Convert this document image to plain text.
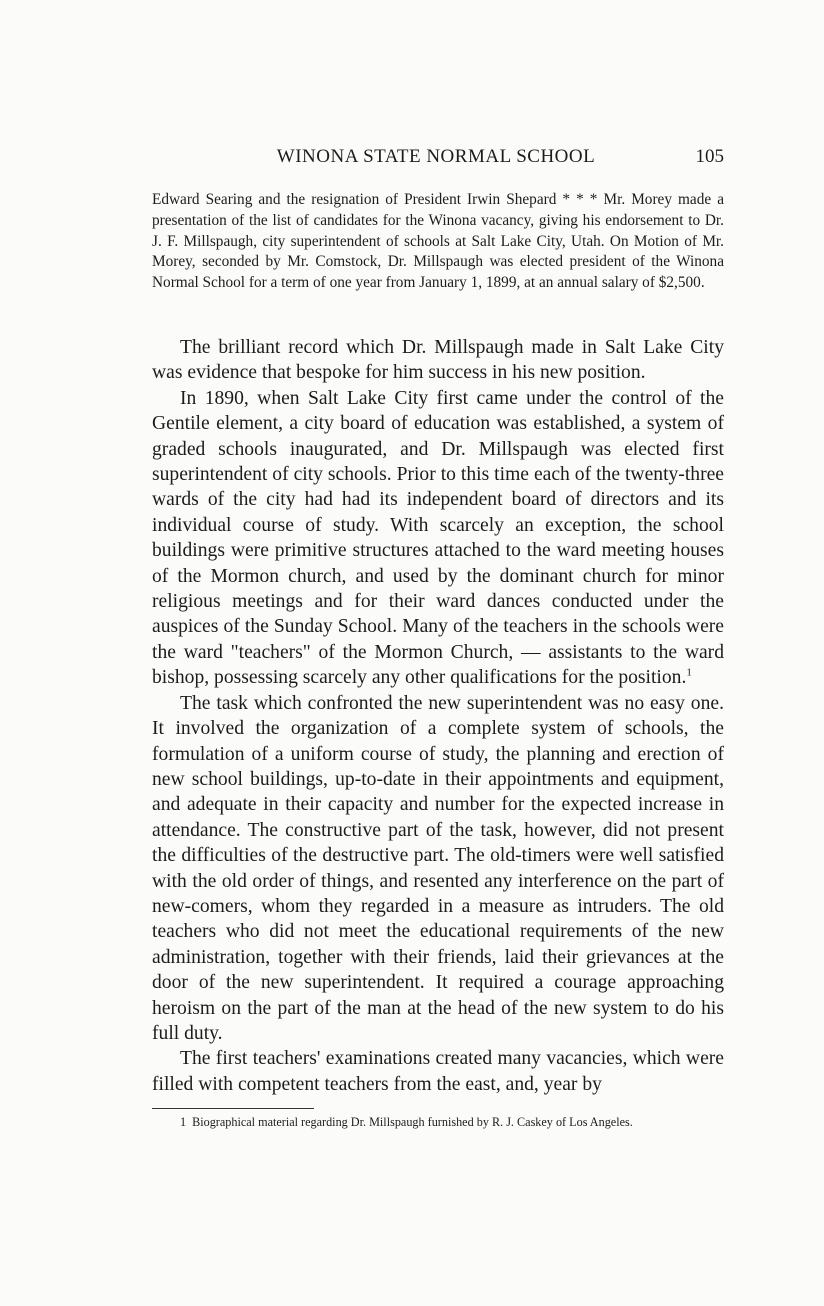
WINONA STATE NORMAL SCHOOL	105
Edward Searing and the resignation of President Irwin Shepard * * * Mr. Morey made a presentation of the list of candidates for the Winona vacancy, giving his endorsement to Dr. J. F. Millspaugh, city superintendent of schools at Salt Lake City, Utah. On Motion of Mr. Morey, seconded by Mr. Comstock, Dr. Millspaugh was elected president of the Winona Normal School for a term of one year from January 1, 1899, at an annual salary of $2,500.

The brilliant record which Dr. Millspaugh made in Salt Lake City was evidence that bespoke for him success in his new position.

In 1890, when Salt Lake City first came under the control of the Gentile element, a city board of education was established, a system of graded schools inaugurated, and Dr. Millspaugh was elected first superintendent of city schools. Prior to this time each of the twenty-three wards of the city had had its independent board of directors and its individual course of study. With scarcely an exception, the school buildings were primitive structures attached to the ward meeting houses of the Mormon church, and used by the dominant church for minor religious meetings and for their ward dances conducted under the auspices of the Sunday School. Many of the teachers in the schools were the ward "teachers" of the Mormon Church, — assistants to the ward bishop, possessing scarcely any other qualifications for the position.$^1$

The task which confronted the new superintendent was no easy one. It involved the organization of a complete system of schools, the formulation of a uniform course of study, the planning and erection of new school buildings, up-to-date in their appointments and equipment, and adequate in their capacity and number for the expected increase in attendance. The constructive part of the task, however, did not present the difficulties of the destructive part. The old-timers were well satisfied with the old order of things, and resented any interference on the part of new-comers, whom they regarded in a measure as intruders. The old teachers who did not meet the educational requirements of the new administration, together with their friends, laid their grievances at the door of the new superintendent. It required a courage approaching heroism on the part of the man at the head of the new system to do his full duty.

The first teachers' examinations created many vacancies, which were filled with competent teachers from the east, and, year by

1 Biographical material regarding Dr. Millspaugh furnished by R. J. Caskey of Los Angeles.
